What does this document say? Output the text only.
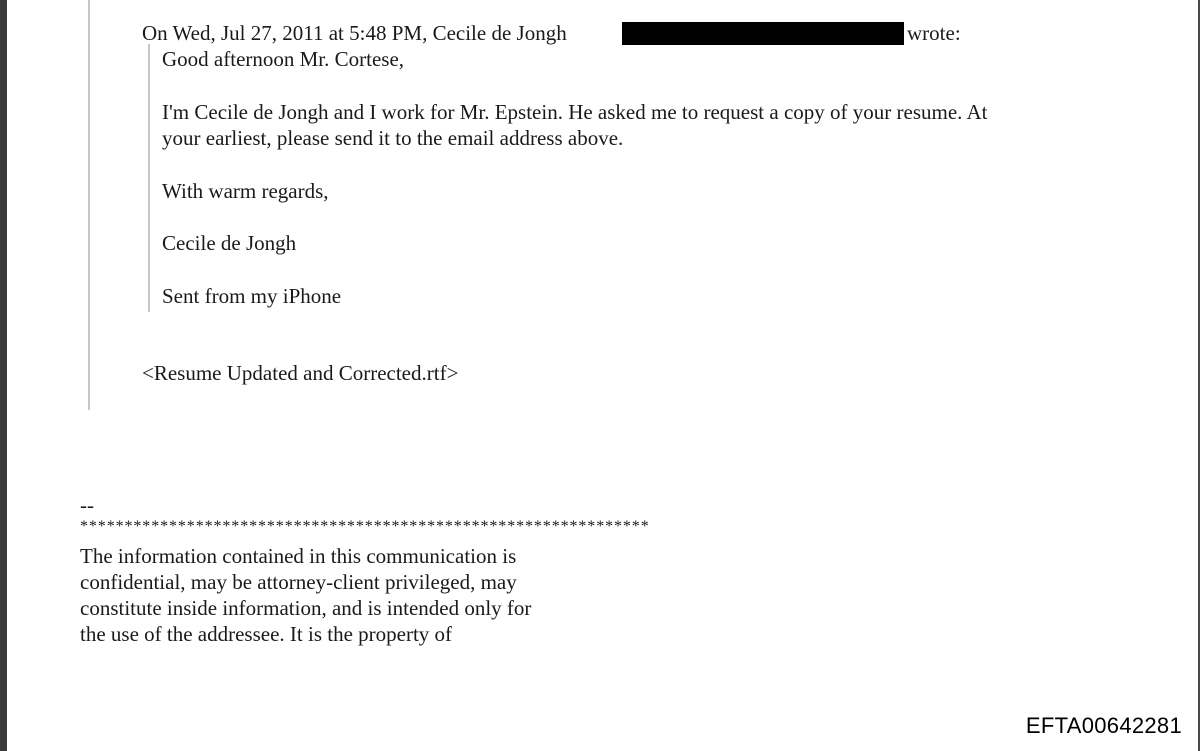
On Wed, Jul 27, 2011 at 5:48 PM, Cecile de Jongh	wrote:

Good afternoon Mr. Cortese,

I'm Cecile de Jongh and I work for Mr. Epstein. He asked me to request a copy of your resume. At

your earliest, please send it to the email address above.

With warm regards,

Cecile de Jongh

Sent from my iPhone

<Resume Updated and Corrected.rtf>

--

****************************************************************

The information contained in this communication is

confidential, may be attorney-client privileged, may

constitute inside information, and is intended only for

the use of the addressee. It is the property of

EFTA00642281
